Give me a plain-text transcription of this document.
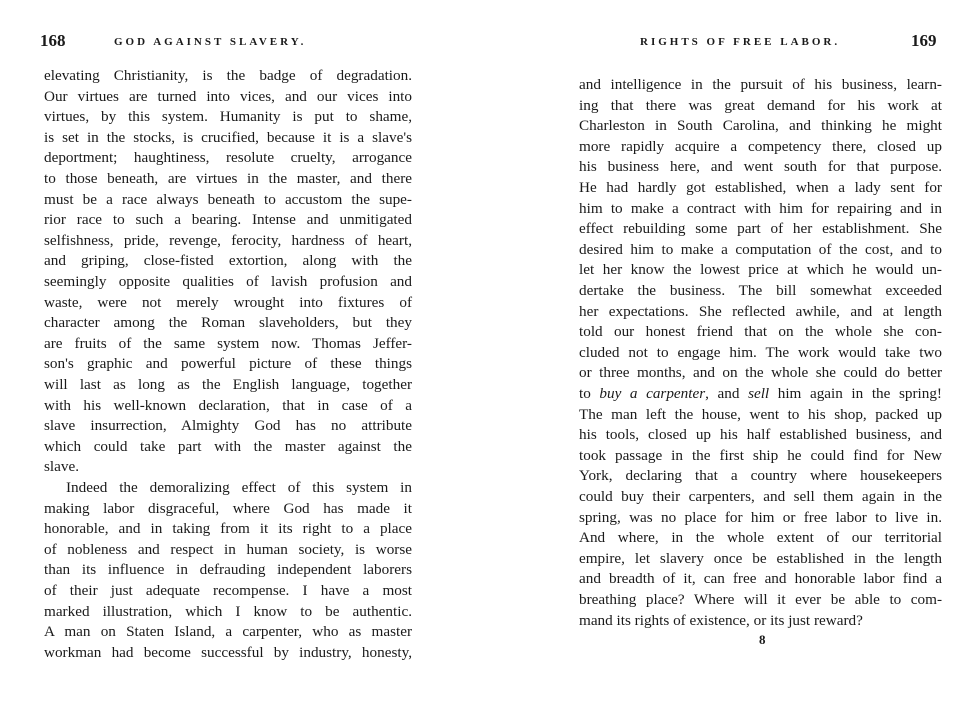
168	GOD AGAINST SLAVERY.
elevating Christianity, is the badge of degradation.
Our virtues are turned into vices, and our vices into
virtues, by this system. Humanity is put to shame,
is set in the stocks, is crucified, because it is a slave's
deportment; haughtiness, resolute cruelty, arrogance
to those beneath, are virtues in the master, and there
must be a race always beneath to accustom the supe-
rior race to such a bearing. Intense and unmitigated
selfishness, pride, revenge, ferocity, hardness of heart,
and griping, close-fisted extortion, along with the
seemingly opposite qualities of lavish profusion and
waste, were not merely wrought into fixtures of
character among the Roman slaveholders, but they
are fruits of the same system now. Thomas Jeffer-
son's graphic and powerful picture of these things
will last as long as the English language, together
with his well-known declaration, that in case of a
slave insurrection, Almighty God has no attribute
which could take part with the master against the
slave.
Indeed the demoralizing effect of this system in
making labor disgraceful, where God has made it
honorable, and in taking from it its right to a place
of nobleness and respect in human society, is worse
than its influence in defrauding independent laborers
of their just adequate recompense. I have a most
marked illustration, which I know to be authentic.
A man on Staten Island, a carpenter, who as master
workman had become successful by industry, honesty,
RIGHTS OF FREE LABOR.	169
and intelligence in the pursuit of his business, learn-
ing that there was great demand for his work at
Charleston in South Carolina, and thinking he might
more rapidly acquire a competency there, closed up
his business here, and went south for that purpose.
He had hardly got established, when a lady sent for
him to make a contract with him for repairing and in
effect rebuilding some part of her establishment. She
desired him to make a computation of the cost, and to
let her know the lowest price at which he would un-
dertake the business. The bill somewhat exceeded
her expectations. She reflected awhile, and at length
told our honest friend that on the whole she con-
cluded not to engage him. The work would take two
or three months, and on the whole she could do better
to buy a carpenter, and sell him again in the spring!
The man left the house, went to his shop, packed up
his tools, closed up his half established business, and
took passage in the first ship he could find for New
York, declaring that a country where housekeepers
could buy their carpenters, and sell them again in the
spring, was no place for him or free labor to live in.
And where, in the whole extent of our territorial
empire, let slavery once be established in the length
and breadth of it, can free and honorable labor find a
breathing place? Where will it ever be able to com-
mand its rights of existence, or its just reward?
8
